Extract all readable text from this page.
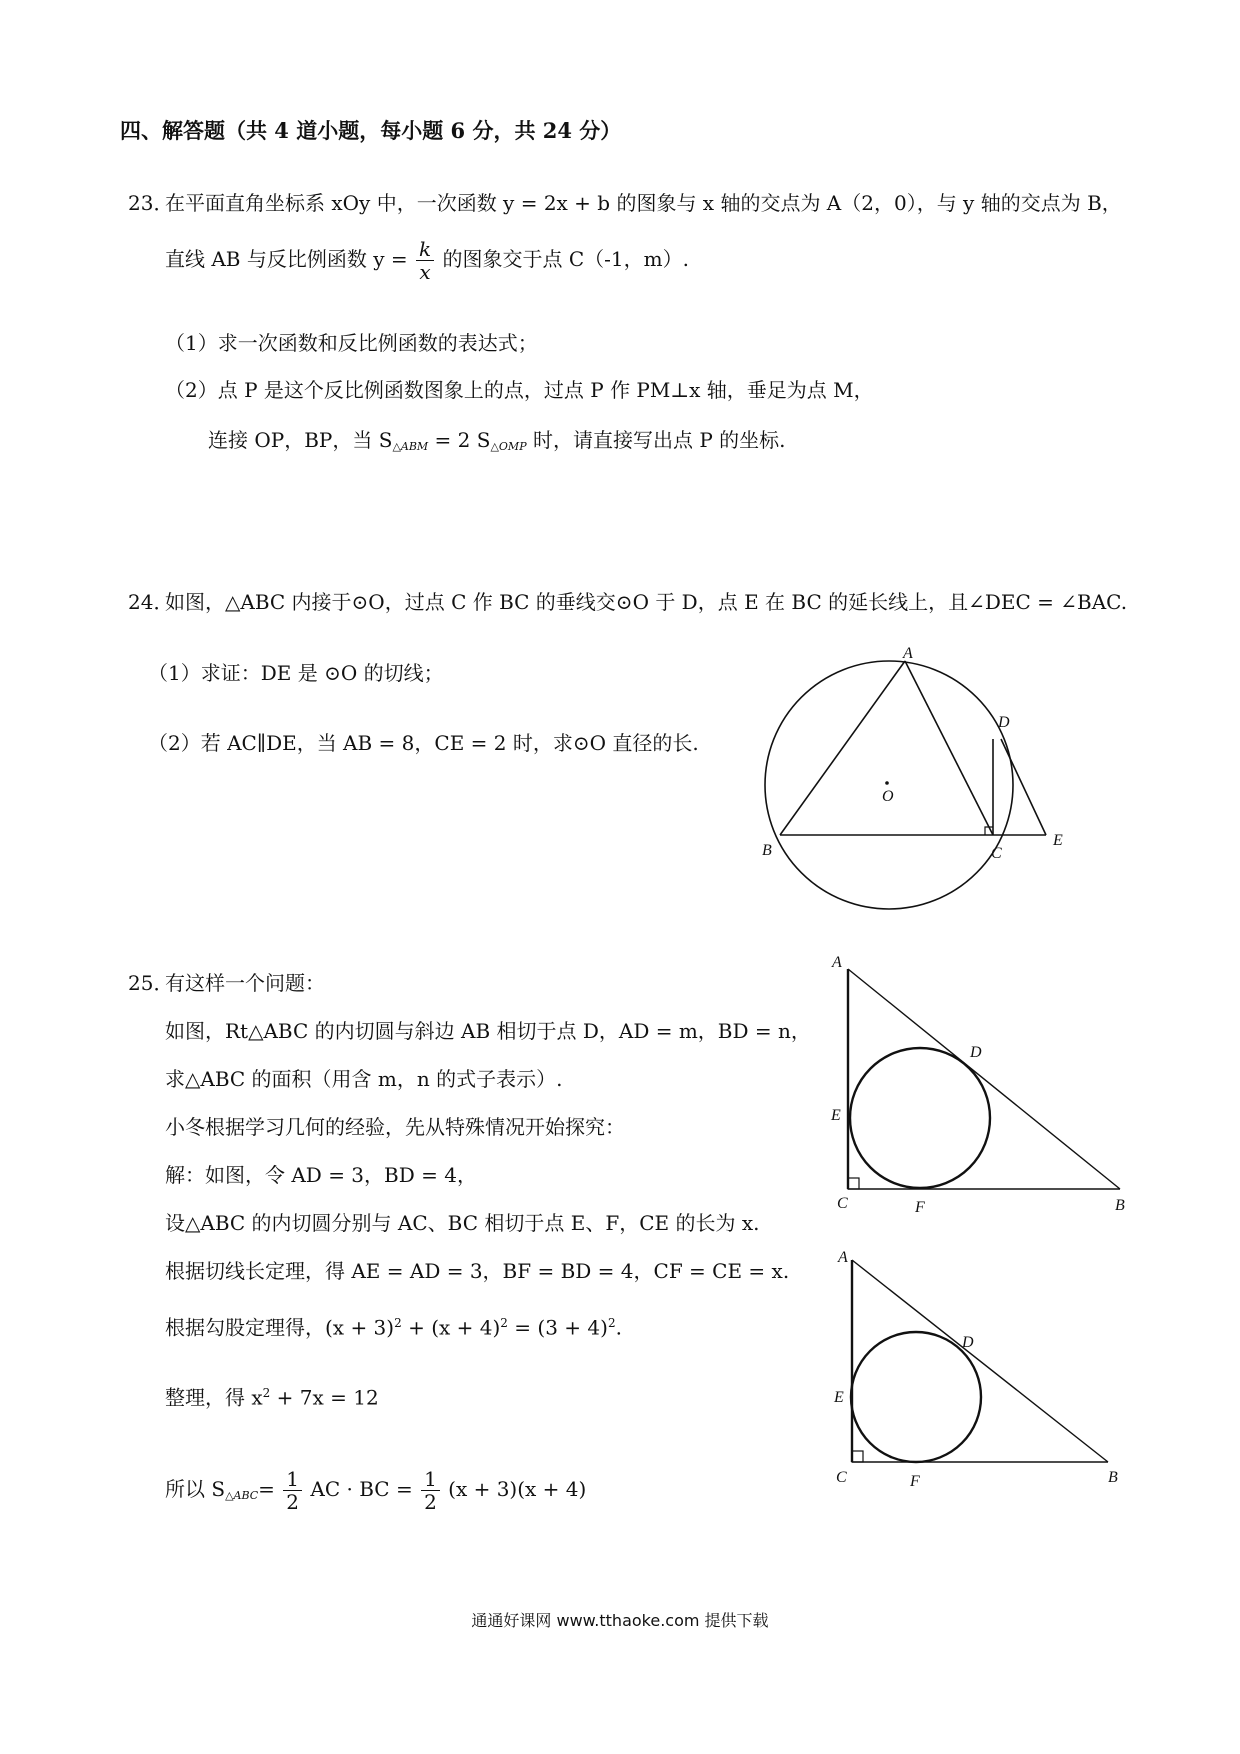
四、解答题（共 4 道小题，每小题 6 分，共 24 分）
23．
在平面直角坐标系 xOy 中，一次函数 y = 2x + b 的图象与 x 轴的交点为 A（2，0），与 y 轴的交点为 B，
直线 AB 与反比例函数 $y = \frac{k}{x}$ 的图象交于点 C（-1，m）.
（1）求一次函数和反比例函数的表达式；
（2）点 P 是这个反比例函数图象上的点，过点 P 作 PM⊥x 轴，垂足为点 M，
连接 OP，BP，当 $S_{\triangle ABM} = 2$ $S_{\triangle OMP}$ 时，请直接写出点 P 的坐标.
24．
如图，△ABC 内接于⊙O，过点 C 作 BC 的垂线交⊙O 于 D，点 E 在 BC 的延长线上，且∠DEC = ∠BAC.
（1）求证：DE 是 ⊙O 的切线；
（2）若 AC∥DE，当 AB = 8，CE = 2 时，求⊙O 直径的长.
A
B	C
D
E
O
25．
有这样一个问题：
如图，Rt△ABC 的内切圆与斜边 AB 相切于点 D，AD = m，BD = n，
求△ABC 的面积（用含 m，n 的式子表示）.
小冬根据学习几何的经验，先从特殊情况开始探究：
解：如图，令 AD = 3，BD = 4，
设△ABC 的内切圆分别与 AC、BC 相切于点 E、F，CE 的长为 x.
根据切线长定理，得 AE = AD = 3，BF = BD = 4，CF = CE = x.
根据勾股定理得，$(x + 3)^2 + (x + 4)^2 = (3 + 4)^2$.
整理，得 $x^2 + 7x = 12$
所以 $S_{\triangle ABC}= \frac{1}{2}$ AC · BC = $\frac{1}{2} (x + 3)(x + 4)$
A
B
C
D
E
F
A
B
C
D
E
F
通通好课网 www.tthaoke.com 提供下载
